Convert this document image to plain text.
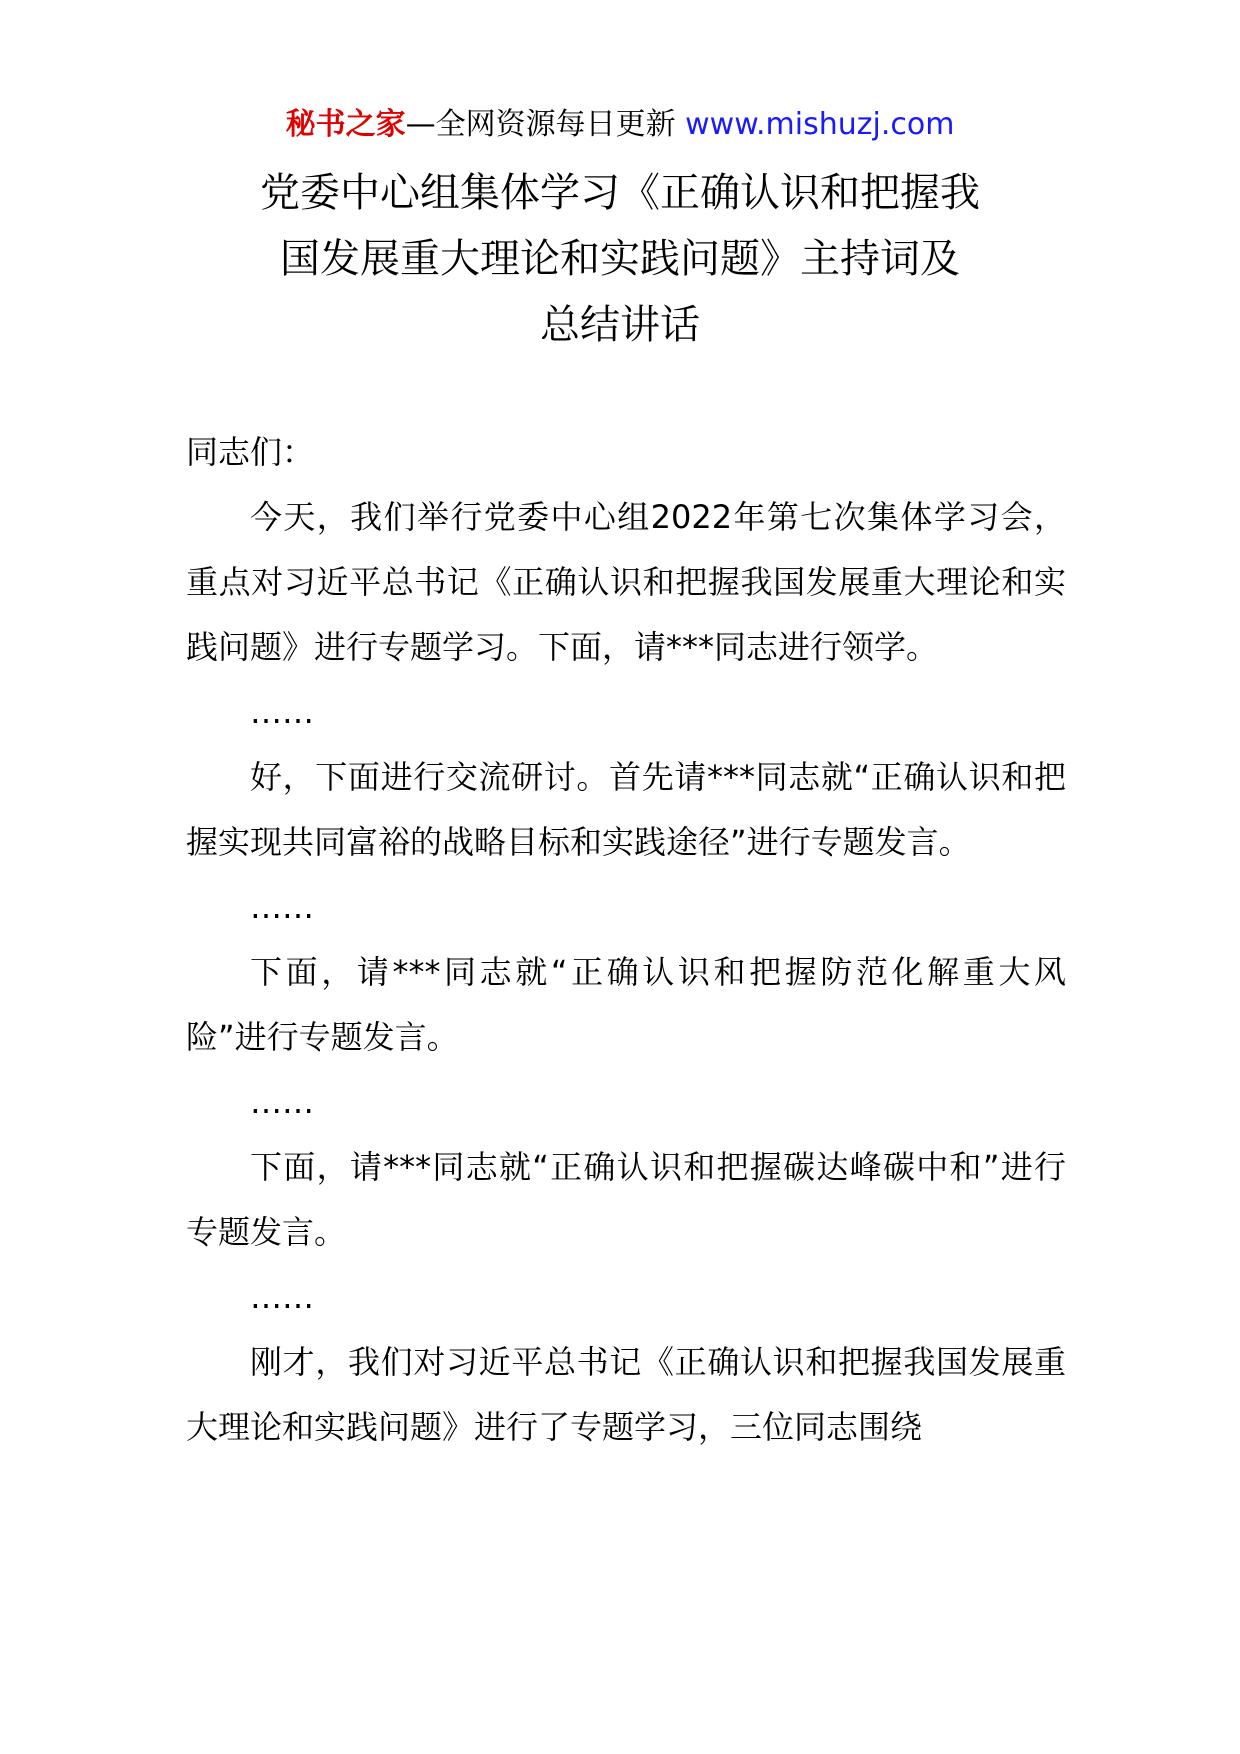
秘书之家—全网资源每日更新 www.mishuzj.com
党委中心组集体学习《正确认识和把握我
国发展重大理论和实践问题》主持词及
总结讲话

同志们：

今天，我们举行党委中心组2022年第七次集体学习会，重点对习近平总书记《正确认识和把握我国发展重大理论和实践问题》进行专题学习。下面，请***同志进行领学。

……

好，下面进行交流研讨。首先请***同志就“正确认识和把握实现共同富裕的战略目标和实践途径”进行专题发言。

……

下面，请***同志就“正确认识和把握防范化解重大风险”进行专题发言。

……

下面，请***同志就“正确认识和把握碳达峰碳中和”进行专题发言。

……

刚才，我们对习近平总书记《正确认识和把握我国发展重大理论和实践问题》进行了专题学习，三位同志围绕
